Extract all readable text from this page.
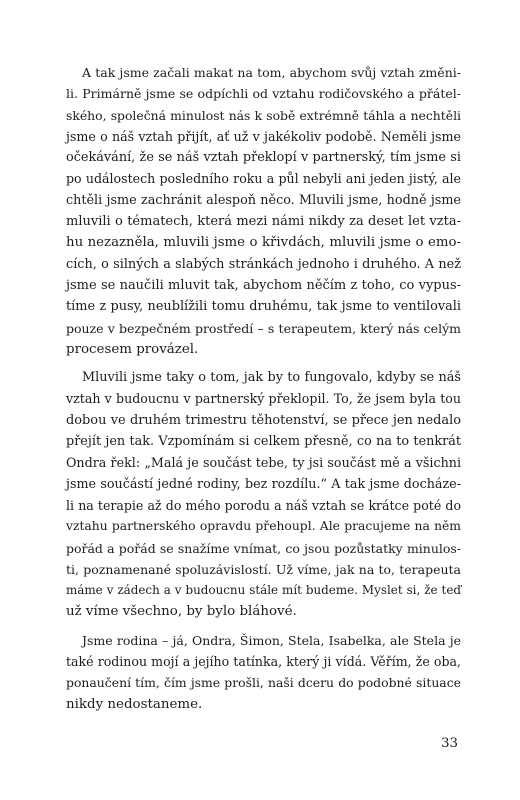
A tak jsme začali makat na tom, abychom svůj vztah změni-
li. Primárně jsme se odpíchli od vztahu rodičovského a přátel-
ského, společná minulost nás k sobě extrémně táhla a nechtěli
jsme o náš vztah přijít, ať už v jakékoliv podobě. Neměli jsme
očekávání, že se náš vztah překlopí v partnerský, tím jsme si
po událostech posledního roku a půl nebyli ani jeden jistý, ale
chtěli jsme zachránit alespoň něco. Mluvili jsme, hodně jsme
mluvili o tématech, která mezi námi nikdy za deset let vzta-
hu nezazněla, mluvili jsme o křivdách, mluvili jsme o emo-
cích, o silných a slabých stránkách jednoho i druhého. A než
jsme se naučili mluvit tak, abychom něčím z toho, co vypus-
tíme z pusy, neublížili tomu druhému, tak jsme to ventilovali
pouze v bezpečném prostředí – s terapeutem, který nás celým
procesem provázel.
Mluvili jsme taky o tom, jak by to fungovalo, kdyby se náš
vztah v budoucnu v partnerský překlopil. To, že jsem byla tou
dobou ve druhém trimestru těhotenství, se přece jen nedalo
přejít jen tak. Vzpomínám si celkem přesně, co na to tenkrát
Ondra řekl: „Malá je součást tebe, ty jsi součást mě a všichni
jsme součástí jedné rodiny, bez rozdílu.“ A tak jsme docháze-
li na terapie až do mého porodu a náš vztah se krátce poté do
vztahu partnerského opravdu přehoupl. Ale pracujeme na něm
pořád a pořád se snažíme vnímat, co jsou pozůstatky minulos-
ti, poznamenané spoluzávislostí. Už víme, jak na to, terapeuta
máme v zádech a v budoucnu stále mít budeme. Myslet si, že teď
už víme všechno, by bylo bláhové.
Jsme rodina – já, Ondra, Šimon, Stela, Isabelka, ale Stela je
také rodinou mojí a jejího tatínka, který ji vídá. Věřím, že oba,
ponaučení tím, čím jsme prošli, naši dceru do podobné situace
nikdy nedostaneme.
33
